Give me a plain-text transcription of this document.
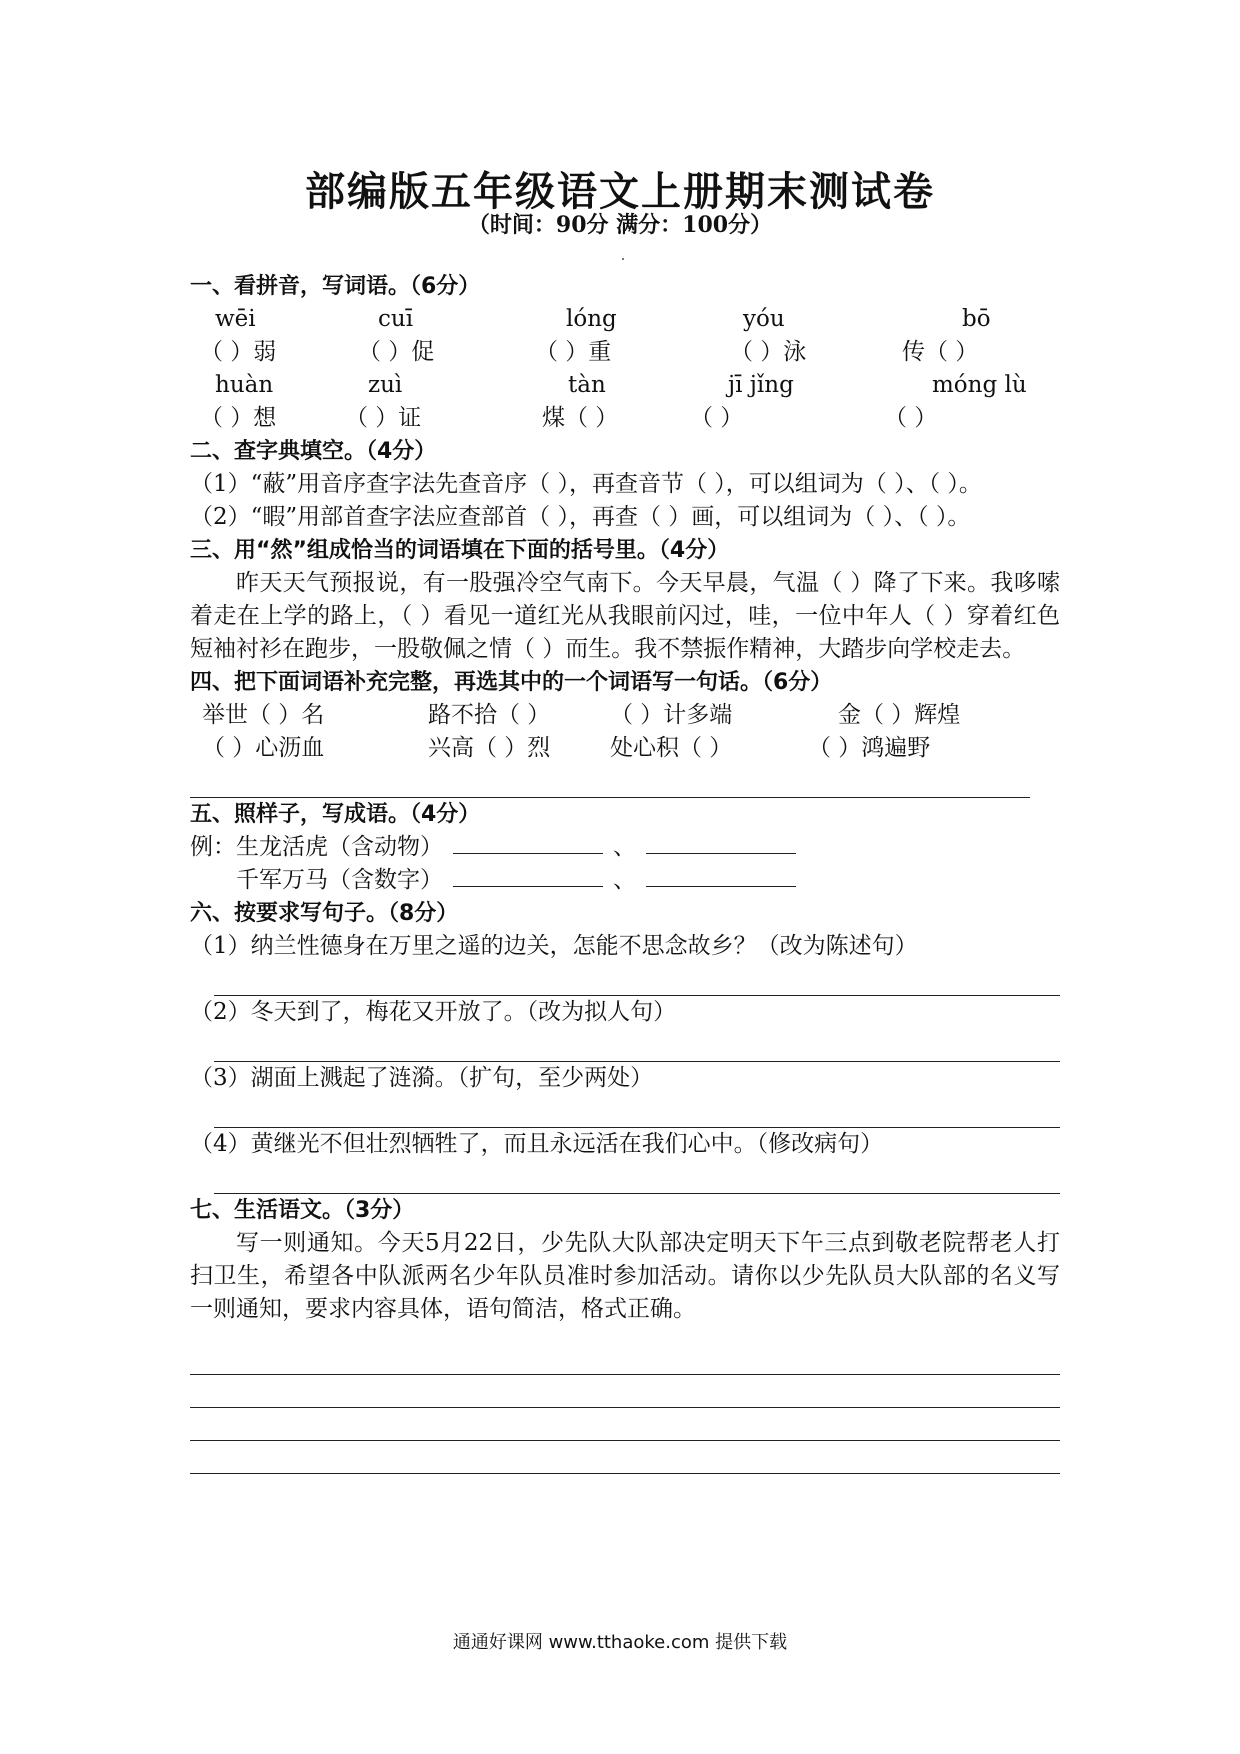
部编版五年级语文上册期末测试卷
（时间：90分 满分：100分）
一、看拼音，写词语。（6分）
wēi	cuī	lóng	yóu	bō
（ ）弱	（ ）促	（ ）重	（ ）泳	传（ ）
huàn	zuì	tàn	jī jǐng	móng lù
（ ）想	（ ）证	煤（ ）	（ ）	（ ）
二、查字典填空。（4分）

（1）“蔽”用音序查字法先查音序（ ），再查音节（ ），可以组词为（ ）、（ ）。

（2）“暇”用部首查字法应查部首（ ），再查（ ）画，可以组词为（ ）、（ ）。

三、用“然”组成恰当的词语填在下面的括号里。（4分）

昨天天气预报说，有一股强冷空气南下。今天早晨，气温（ ）降了下来。我哆嗦着走在上学的路上，（ ）看见一道红光从我眼前闪过，哇，一位中年人（ ）穿着红色短袖衬衫在跑步，一股敬佩之情（ ）而生。我不禁振作精神，大踏步向学校走去。

四、把下面词语补充完整，再选其中的一个词语写一句话。（6分）
举世（ ）名	路不拾（ ）	（ ）计多端	金（ ）辉煌
（ ）心沥血	兴高（ ）烈	处心积（ ）	（ ）鸿遍野
五、照样子，写成语。（4分）
例：生龙活虎（含动物）	、
千军万马（含数字）	、
六、按要求写句子。（8分）
（1）纳兰性德身在万里之遥的边关，怎能不思念故乡？（改为陈述句）
（2）冬天到了，梅花又开放了。（改为拟人句）
（3）湖面上溅起了涟漪。（扩句，至少两处）
（4）黄继光不但壮烈牺牲了，而且永远活在我们心中。（修改病句）
七、生活语文。（3分）

写一则通知。今天5月22日，少先队大队部决定明天下午三点到敬老院帮老人打扫卫生，希望各中队派两名少年队员准时参加活动。请你以少先队员大队部的名义写一则通知，要求内容具体，语句简洁，格式正确。

通通好课网 www.tthaoke.com 提供下载
